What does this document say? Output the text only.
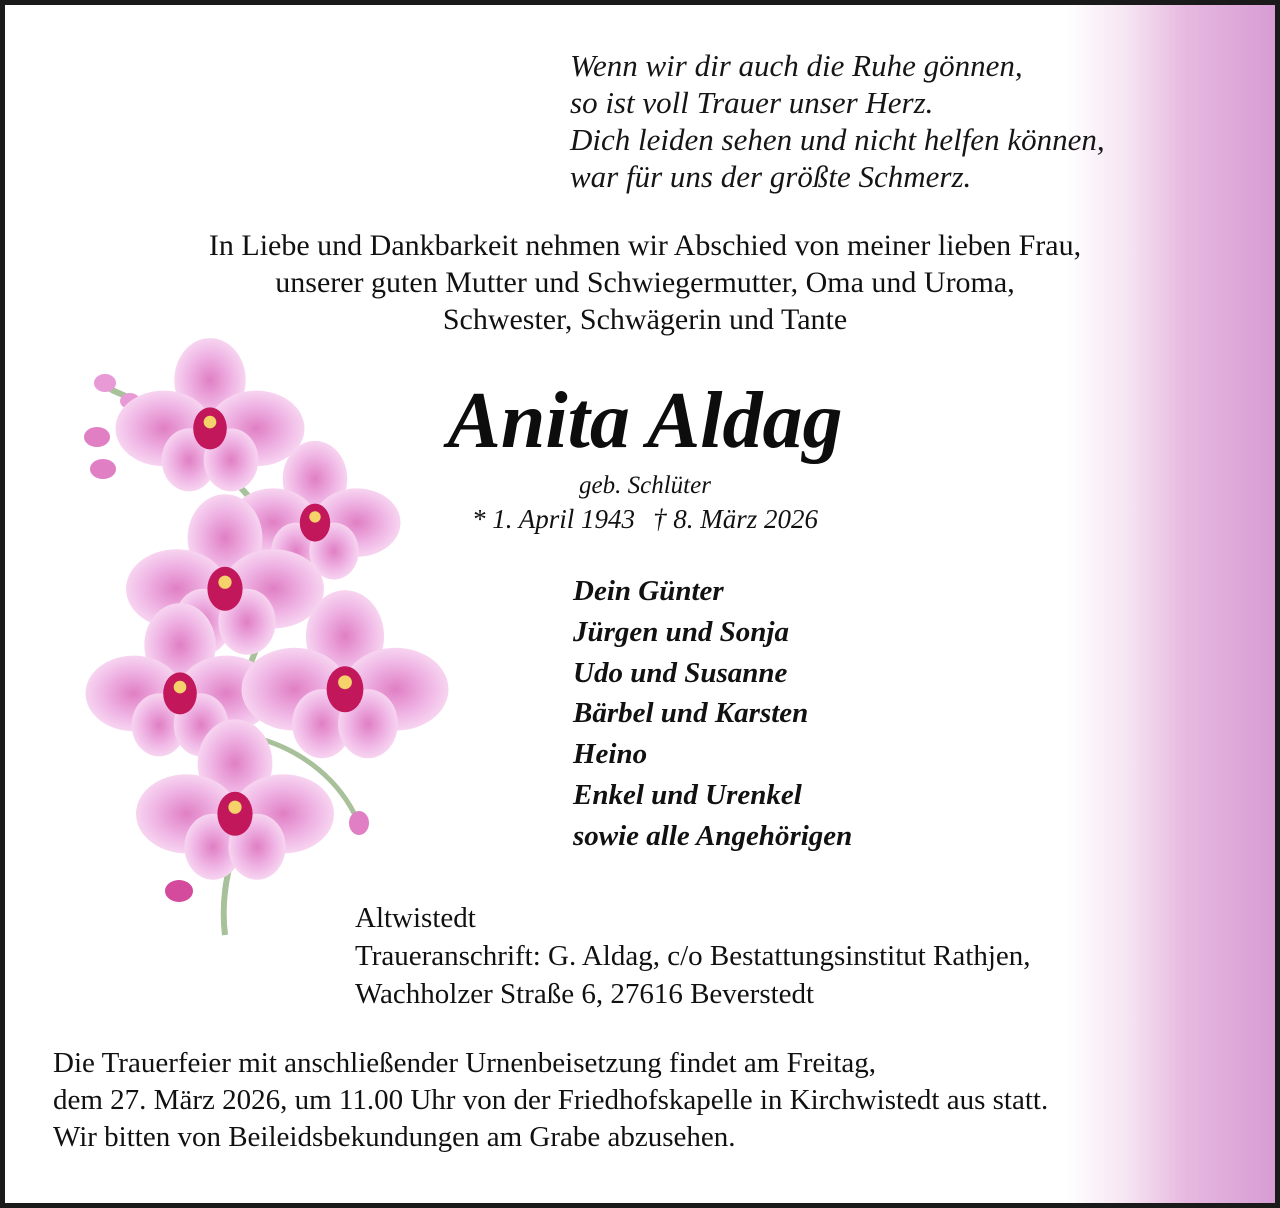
Wenn wir dir auch die Ruhe gönnen,
so ist voll Trauer unser Herz.
Dich leiden sehen und nicht helfen können,
war für uns der größte Schmerz.
In Liebe und Dankbarkeit nehmen wir Abschied von meiner lieben Frau,
unserer guten Mutter und Schwiegermutter, Oma und Uroma,
Schwester, Schwägerin und Tante
Anita Aldag
geb. Schlüter
* 1. April 1943 † 8. März 2026
Dein Günter
Jürgen und Sonja
Udo und Susanne
Bärbel und Karsten
Heino
Enkel und Urenkel
sowie alle Angehörigen
Altwistedt
Traueranschrift: G. Aldag, c/o Bestattungsinstitut Rathjen,
Wachholzer Straße 6, 27616 Beverstedt
Die Trauerfeier mit anschließender Urnenbeisetzung findet am Freitag,
dem 27. März 2026, um 11.00 Uhr von der Friedhofskapelle in Kirchwistedt aus statt.
Wir bitten von Beileidsbekundungen am Grabe abzusehen.
